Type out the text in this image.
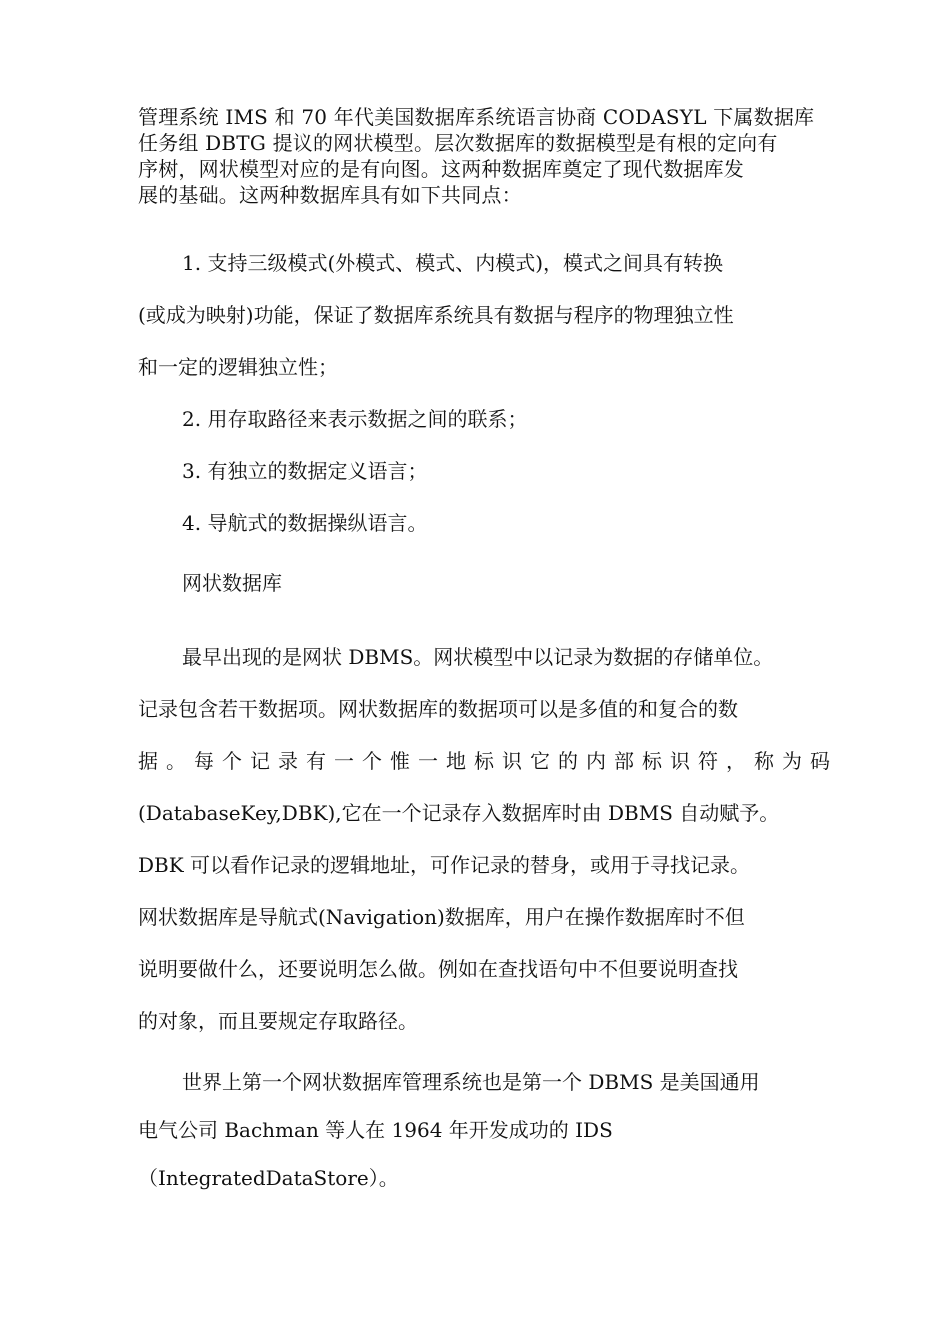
管理系统 IMS 和 70 年代美国数据库系统语言协商 CODASYL 下属数据库
任务组 DBTG 提议的网状模型。层次数据库的数据模型是有根的定向有
序树，网状模型对应的是有向图。这两种数据库奠定了现代数据库发
展的基础。这两种数据库具有如下共同点：
1. 支持三级模式(外模式、模式、内模式)，模式之间具有转换
(或成为映射)功能，保证了数据库系统具有数据与程序的物理独立性
和一定的逻辑独立性；
2. 用存取路径来表示数据之间的联系；
3. 有独立的数据定义语言；
4. 导航式的数据操纵语言。
网状数据库
最早出现的是网状 DBMS。网状模型中以记录为数据的存储单位。
记录包含若干数据项。网状数据库的数据项可以是多值的和复合的数
据。每个记录有一个惟一地标识它的内部标识符，称为码
(DatabaseKey,DBK),它在一个记录存入数据库时由 DBMS 自动赋予。
DBK 可以看作记录的逻辑地址，可作记录的替身，或用于寻找记录。
网状数据库是导航式(Navigation)数据库，用户在操作数据库时不但
说明要做什么，还要说明怎么做。例如在查找语句中不但要说明查找
的对象，而且要规定存取路径。
世界上第一个网状数据库管理系统也是第一个 DBMS 是美国通用
电气公司 Bachman 等人在 1964 年开发成功的 IDS
（IntegratedDataStore）。
